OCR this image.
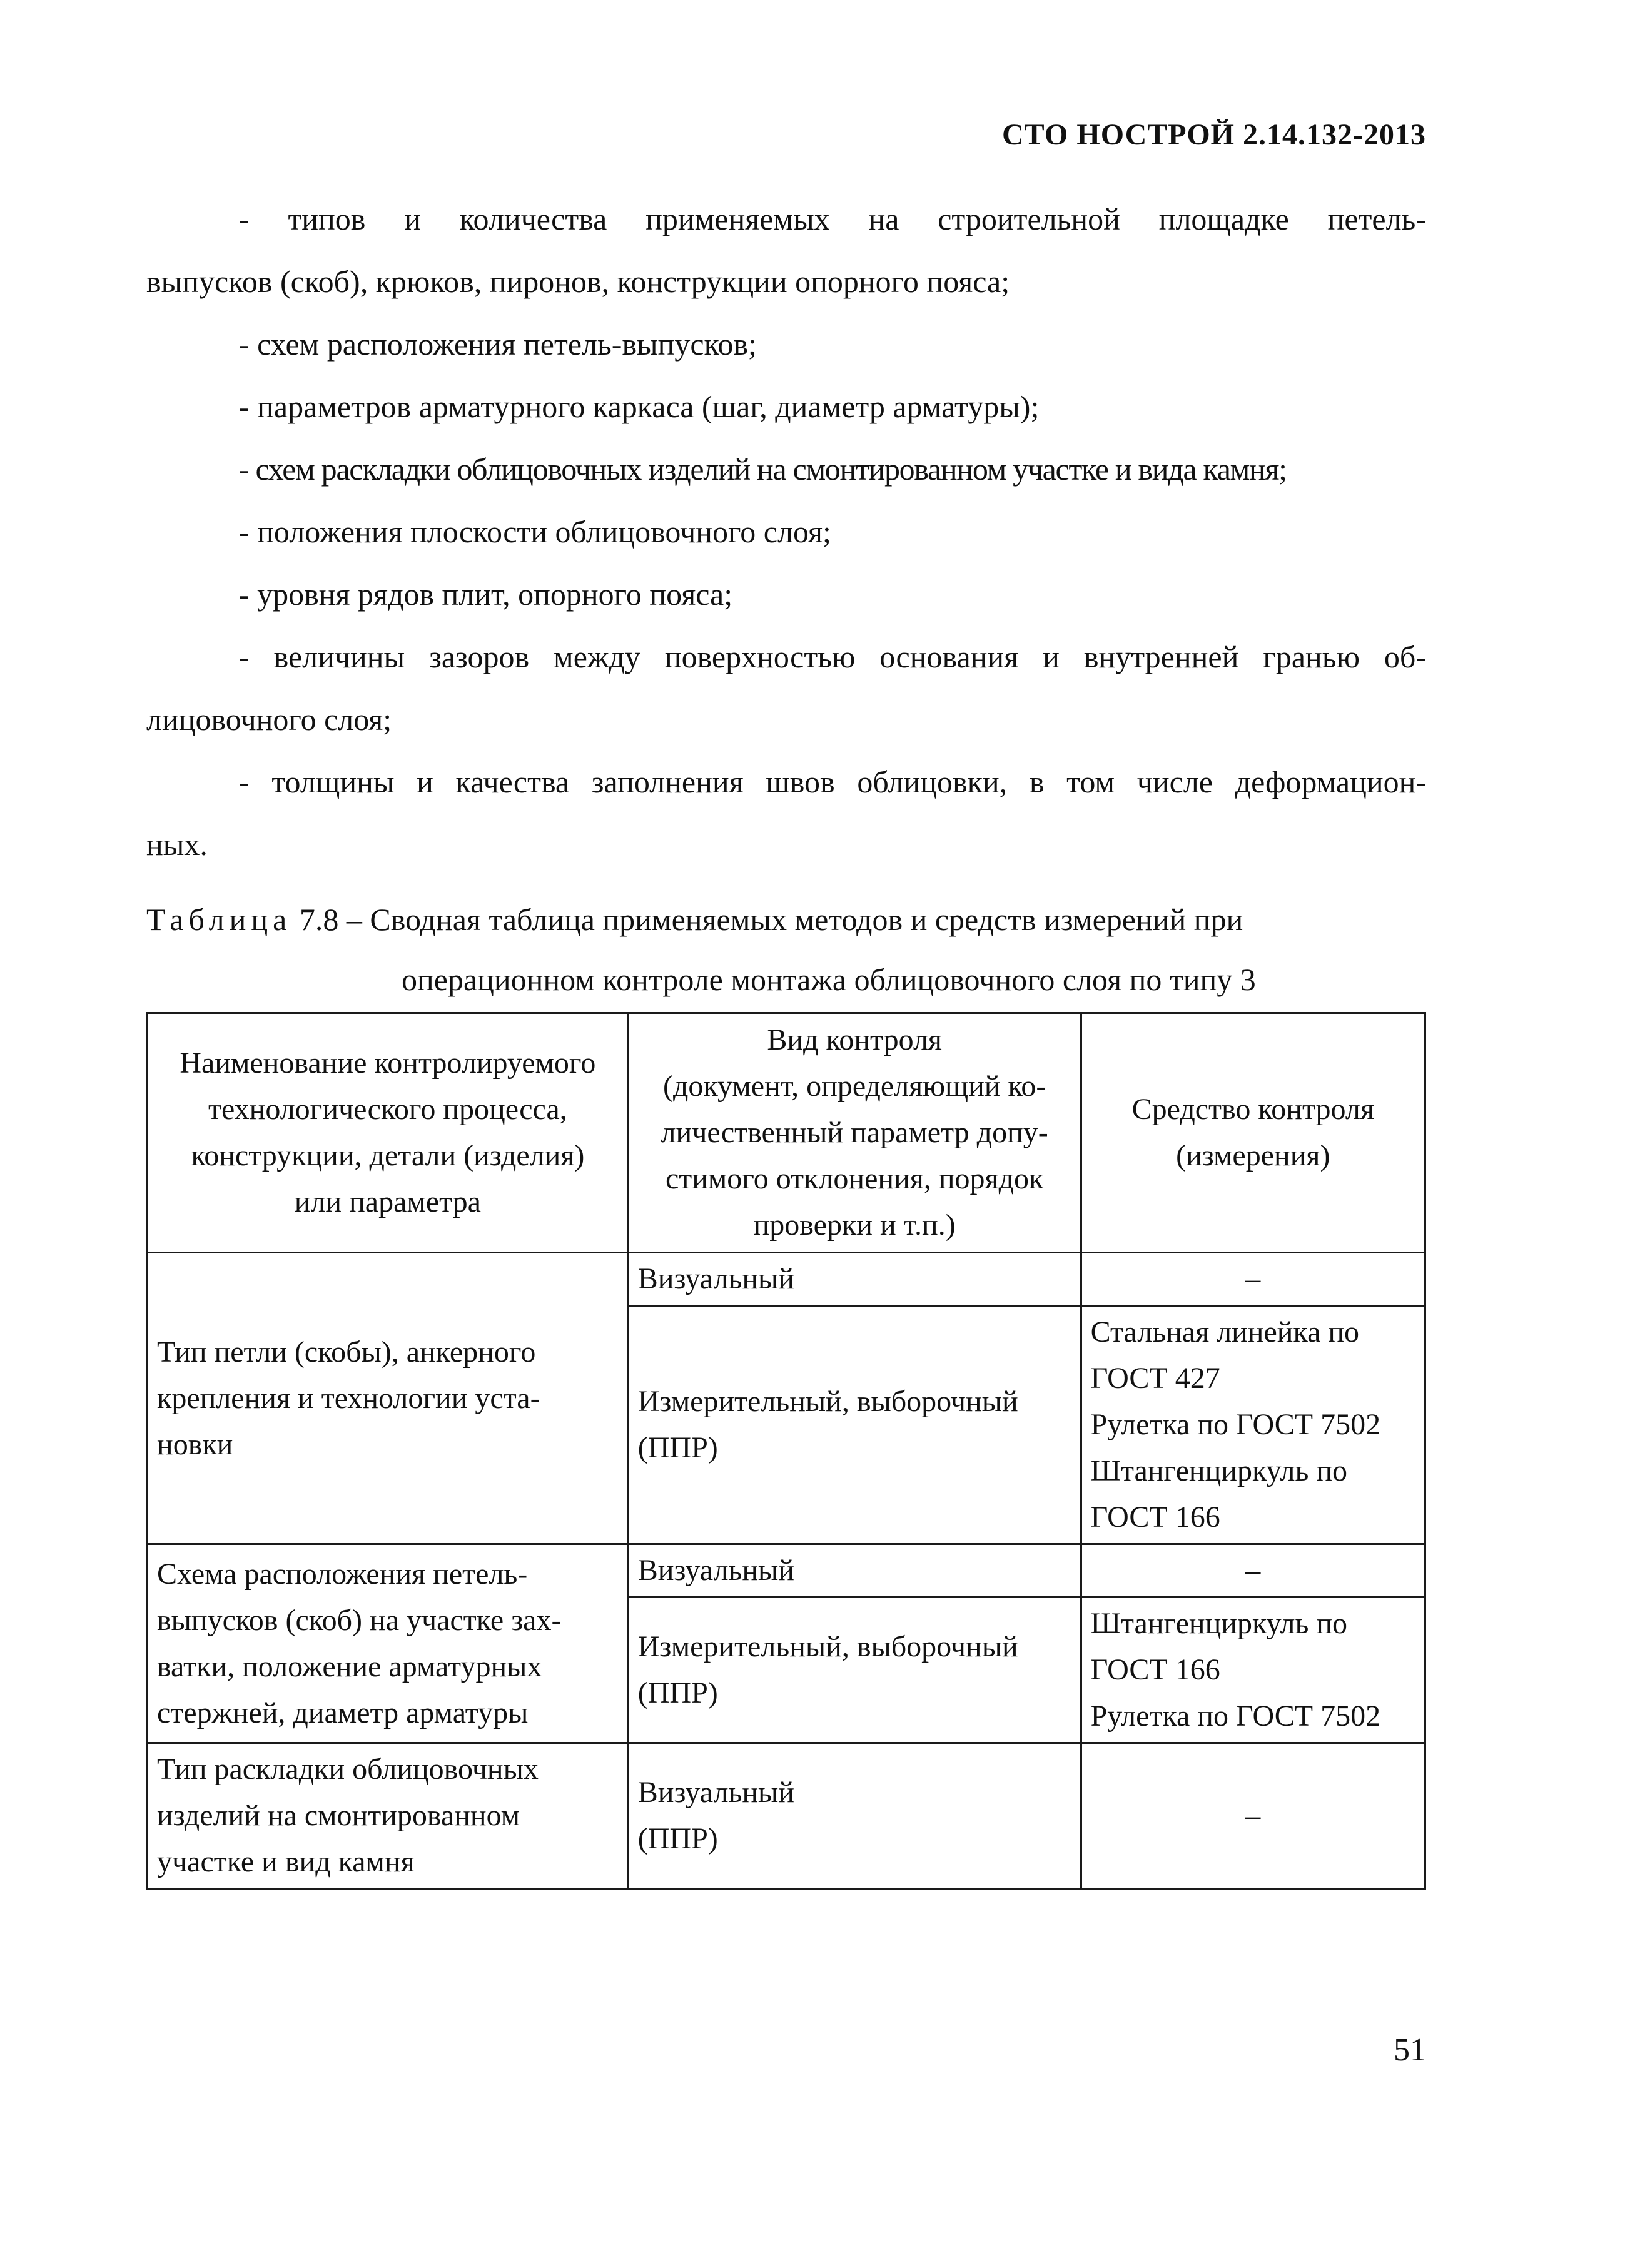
СТО НОСТРОЙ 2.14.132-2013
- типов и количества применяемых на строительной площадке петель-
выпусков (скоб), крюков, пиронов, конструкции опорного пояса;
- схем расположения петель-выпусков;
- параметров арматурного каркаса (шаг, диаметр арматуры);
- схем раскладки облицовочных изделий на смонтированном участке и вида камня;
- положения плоскости облицовочного слоя;
- уровня рядов плит, опорного пояса;
- величины зазоров между поверхностью основания и внутренней гранью об-
лицовочного слоя;
- толщины и качества заполнения швов облицовки, в том числе деформацион-
ных.
Таблица 7.8 – Сводная таблица применяемых методов и средств измерений при
операционном контроле монтажа облицовочного слоя по типу 3
Наименование контролируемого
технологического процесса,
конструкции, детали (изделия)
или параметра	Вид контроля
(документ, определяющий ко-
личественный параметр допу-
стимого отклонения, порядок
проверки и т.п.)	Средство контроля
(измерения)

Тип петли (скобы), анкерного
крепления и технологии уста-
новки	Визуальный	–

	Измерительный, выборочный
(ППР)	Стальная линейка по
ГОСТ 427
Рулетка по ГОСТ 7502
Штангенциркуль по
ГОСТ 166

Схема расположения петель-
выпусков (скоб) на участке зах-
ватки, положение арматурных
стержней, диаметр арматуры	Визуальный	–

	Измерительный, выборочный
(ППР)	Штангенциркуль по
ГОСТ 166
Рулетка по ГОСТ 7502

Тип раскладки облицовочных
изделий на смонтированном
участке и вид камня	Визуальный
(ППР)	–
51
